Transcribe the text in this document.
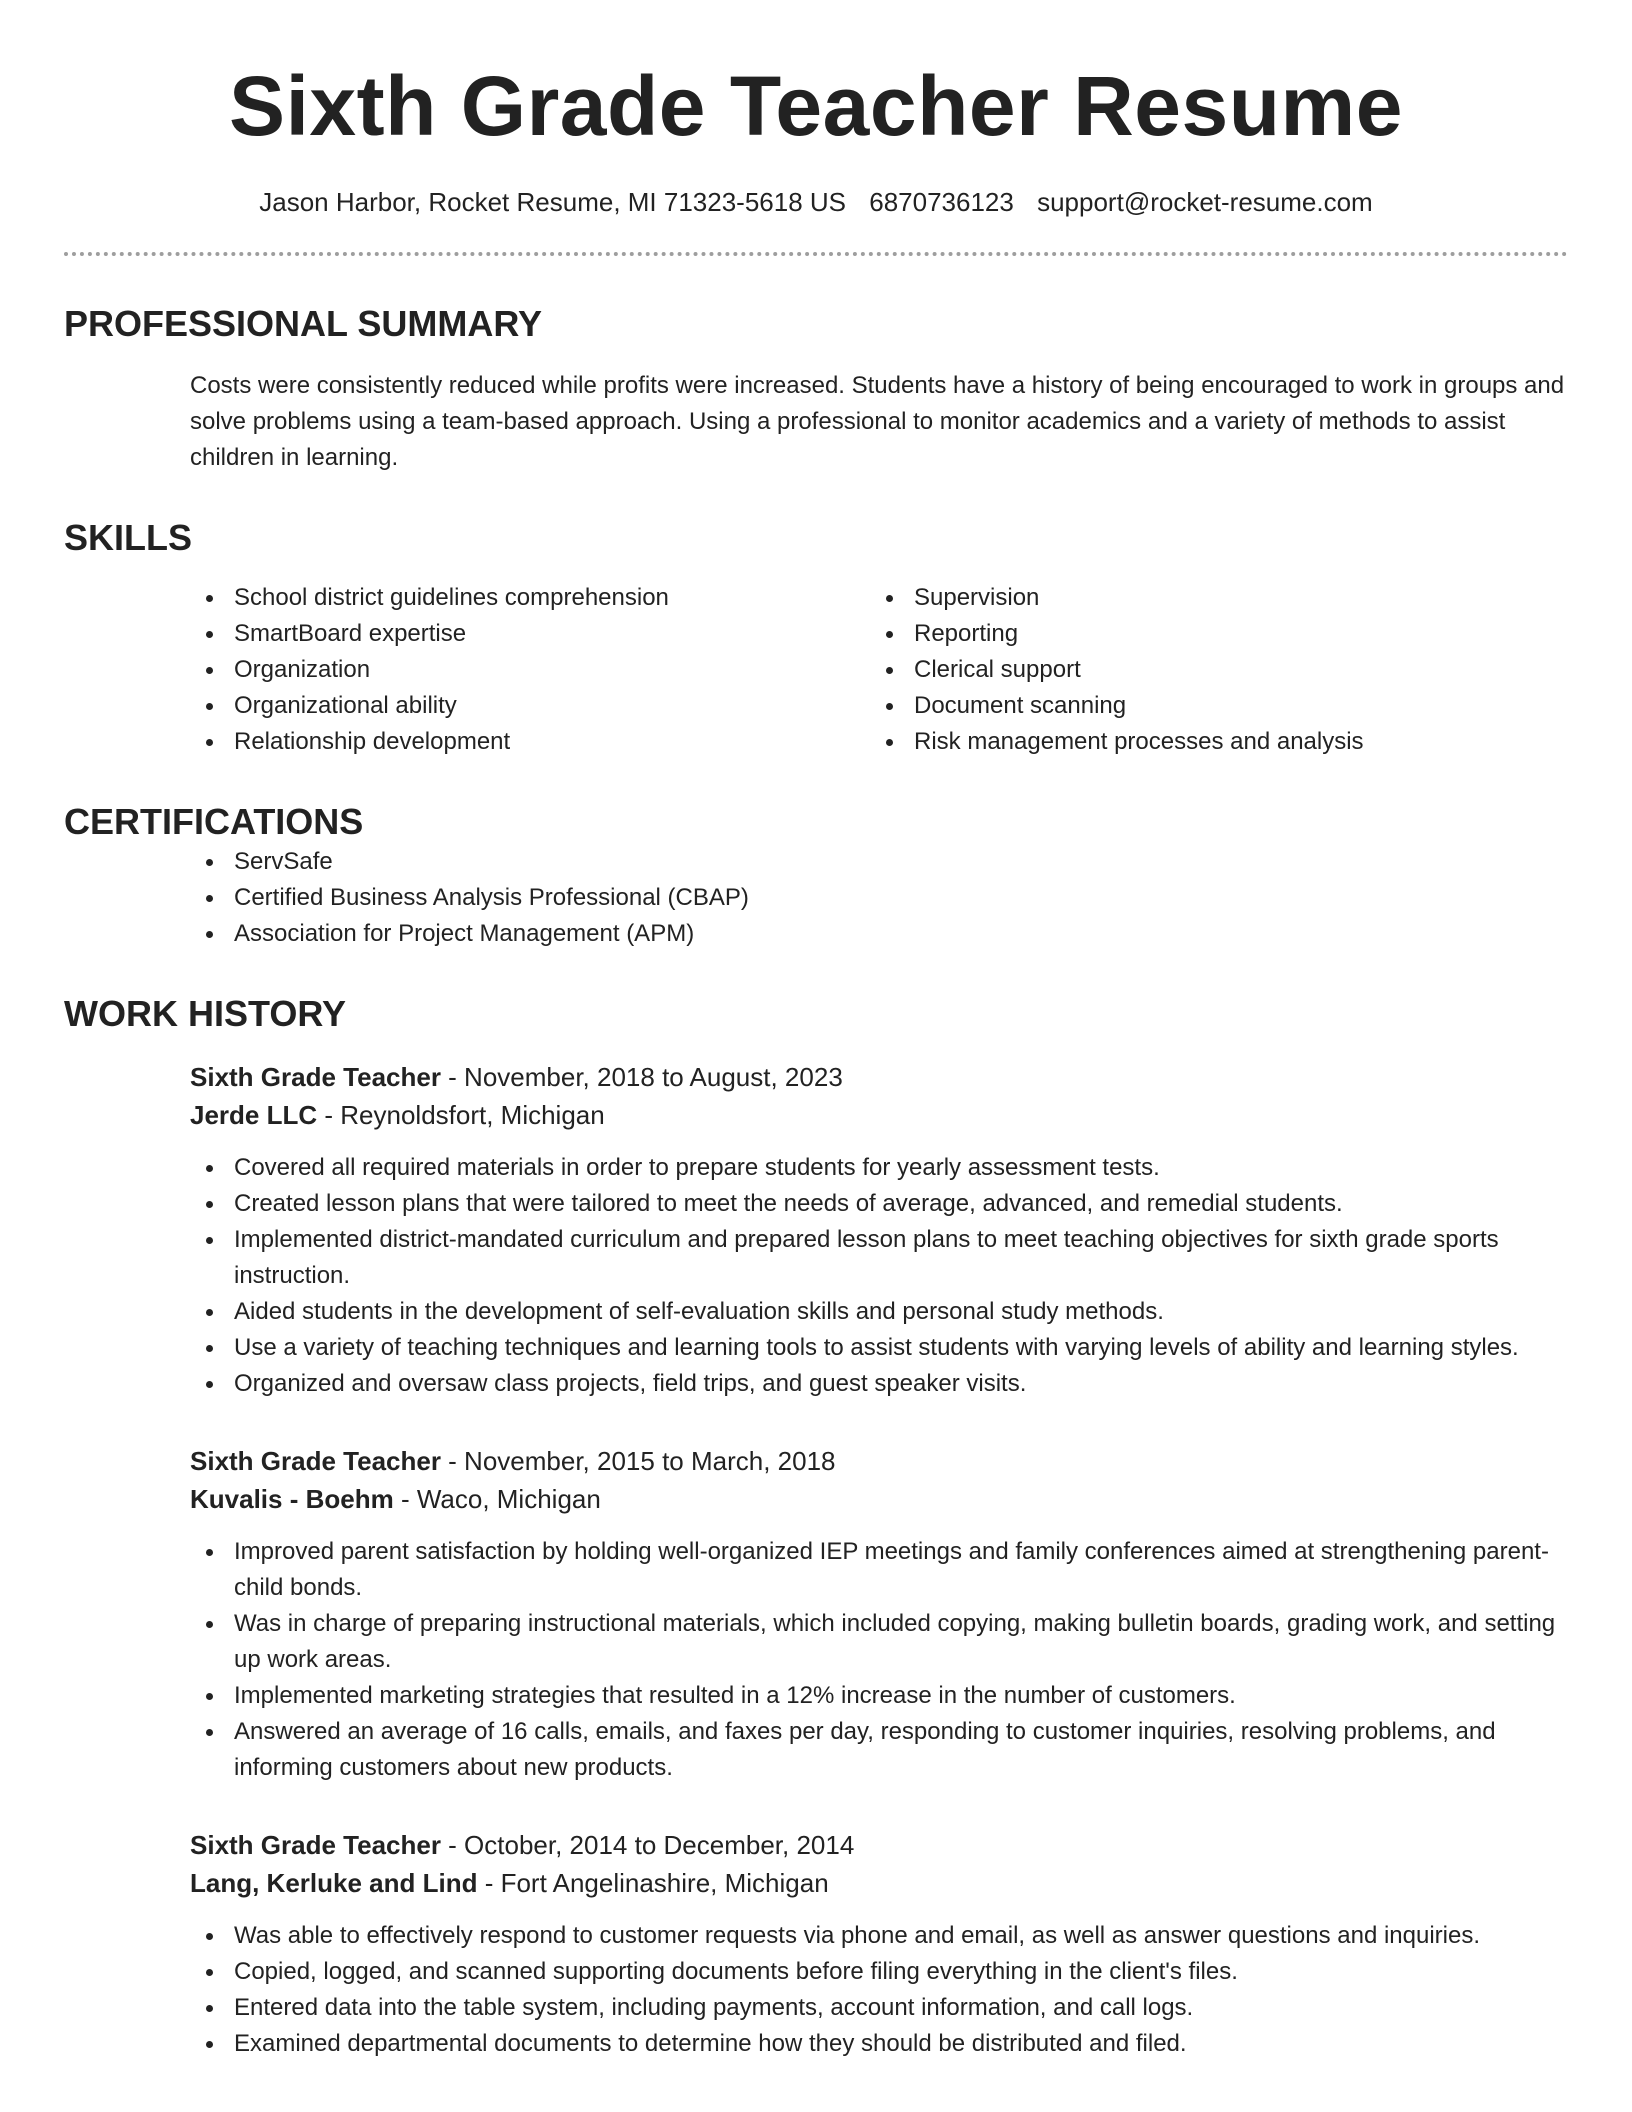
Sixth Grade Teacher Resume
Jason Harbor, Rocket Resume, MI 71323-5618 US 6870736123 support@rocket-resume.com
PROFESSIONAL SUMMARY

Costs were consistently reduced while profits were increased. Students have a history of being encouraged to work in groups and solve problems using a team-based approach. Using a professional to monitor academics and a variety of methods to assist children in learning.

SKILLS
School district guidelines comprehension
SmartBoard expertise
Organization
Organizational ability
Relationship development
Supervision
Reporting
Clerical support
Document scanning
Risk management processes and analysis
CERTIFICATIONS
ServSafe
Certified Business Analysis Professional (CBAP)
Association for Project Management (APM)
WORK HISTORY
Sixth Grade Teacher - November, 2018 to August, 2023
Jerde LLC - Reynoldsfort, Michigan
Covered all required materials in order to prepare students for yearly assessment tests.
Created lesson plans that were tailored to meet the needs of average, advanced, and remedial students.
Implemented district-mandated curriculum and prepared lesson plans to meet teaching objectives for sixth grade sports instruction.
Aided students in the development of self-evaluation skills and personal study methods.
Use a variety of teaching techniques and learning tools to assist students with varying levels of ability and learning styles.
Organized and oversaw class projects, field trips, and guest speaker visits.
Sixth Grade Teacher - November, 2015 to March, 2018
Kuvalis - Boehm - Waco, Michigan
Improved parent satisfaction by holding well-organized IEP meetings and family conferences aimed at strengthening parent-child bonds.
Was in charge of preparing instructional materials, which included copying, making bulletin boards, grading work, and setting up work areas.
Implemented marketing strategies that resulted in a 12% increase in the number of customers.
Answered an average of 16 calls, emails, and faxes per day, responding to customer inquiries, resolving problems, and informing customers about new products.
Sixth Grade Teacher - October, 2014 to December, 2014
Lang, Kerluke and Lind - Fort Angelinashire, Michigan
Was able to effectively respond to customer requests via phone and email, as well as answer questions and inquiries.
Copied, logged, and scanned supporting documents before filing everything in the client's files.
Entered data into the table system, including payments, account information, and call logs.
Examined departmental documents to determine how they should be distributed and filed.
